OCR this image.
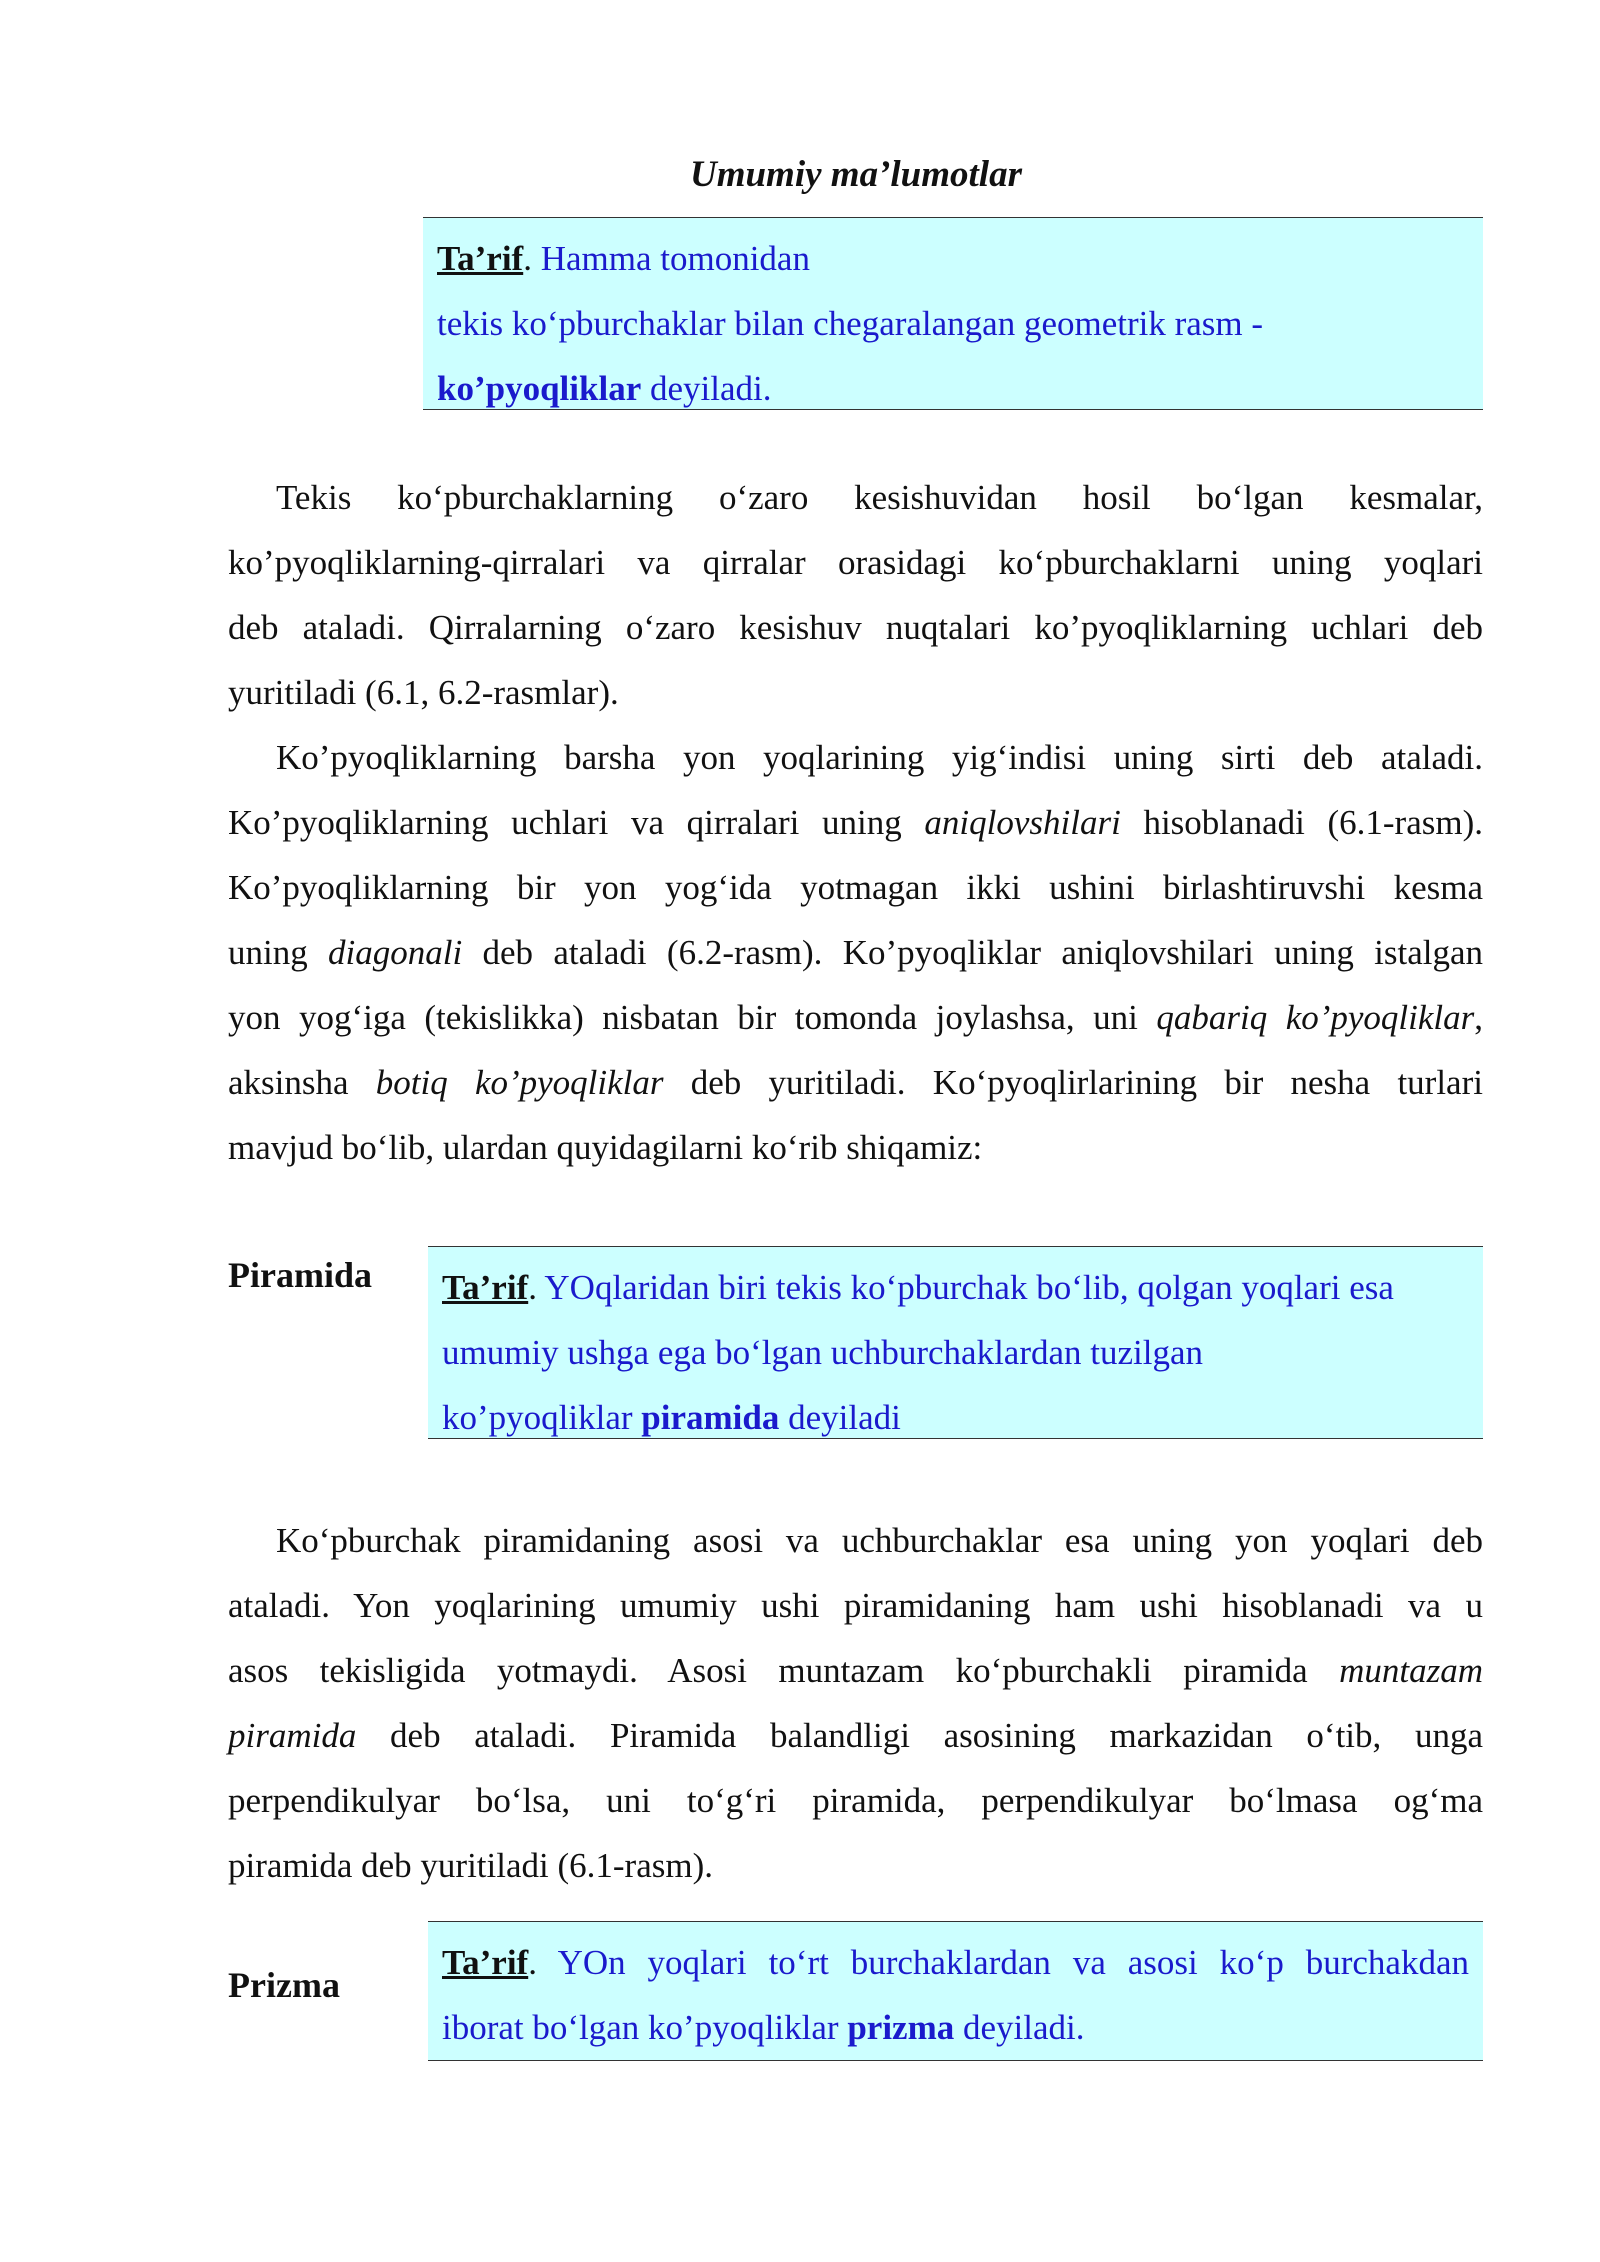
Umumiy ma’lumotlar
Ta’rif. Hamma tomonidan
tekis ko‘pburchaklar bilan chegaralangan geometrik rasm -
ko’pyoqliklar deyiladi.
Tekis ko‘pburchaklarning o‘zaro kesishuvidan hosil bo‘lgan kesmalar,
ko’pyoqliklarning-qirralari va qirralar orasidagi ko‘pburchaklarni uning yoqlari
deb ataladi. Qirralarning o‘zaro kesishuv nuqtalari ko’pyoqliklarning uchlari deb
yuritiladi (6.1, 6.2-rasmlar).
Ko’pyoqliklarning barsha yon yoqlarining yig‘indisi uning sirti deb ataladi.
Ko’pyoqliklarning uchlari va qirralari uning aniqlovshilari hisoblanadi (6.1-rasm).
Ko’pyoqliklarning bir yon yog‘ida yotmagan ikki ushini birlashtiruvshi kesma
uning diagonali deb ataladi (6.2-rasm). Ko’pyoqliklar aniqlovshilari uning istalgan
yon yog‘iga (tekislikka) nisbatan bir tomonda joylashsa, uni qabariq ko’pyoqliklar,
aksinsha botiq ko’pyoqliklar deb yuritiladi. Ko‘pyoqlirlarining bir nesha turlari
mavjud bo‘lib, ulardan quyidagilarni ko‘rib shiqamiz:
Piramida Ta’rif. YOqlaridan biri tekis ko‘pburchak bo‘lib, qolgan yoqlari esa
umumiy ushga ega bo‘lgan uchburchaklardan tuzilgan
ko’pyoqliklar piramida deyiladi
Ko‘pburchak piramidaning asosi va uchburchaklar esa uning yon yoqlari deb
ataladi. Yon yoqlarining umumiy ushi piramidaning ham ushi hisoblanadi va u
asos tekisligida yotmaydi. Asosi muntazam ko‘pburchakli piramida muntazam
piramida deb ataladi. Piramida balandligi asosining markazidan o‘tib, unga
perpendikulyar bo‘lsa, uni to‘g‘ri piramida, perpendikulyar bo‘lmasa og‘ma
piramida deb yuritiladi (6.1-rasm).
Prizma
Ta’rif. YOn yoqlari to‘rt burchaklardan va asosi ko‘p burchakdan
iborat bo‘lgan ko’pyoqliklar prizma deyiladi.
